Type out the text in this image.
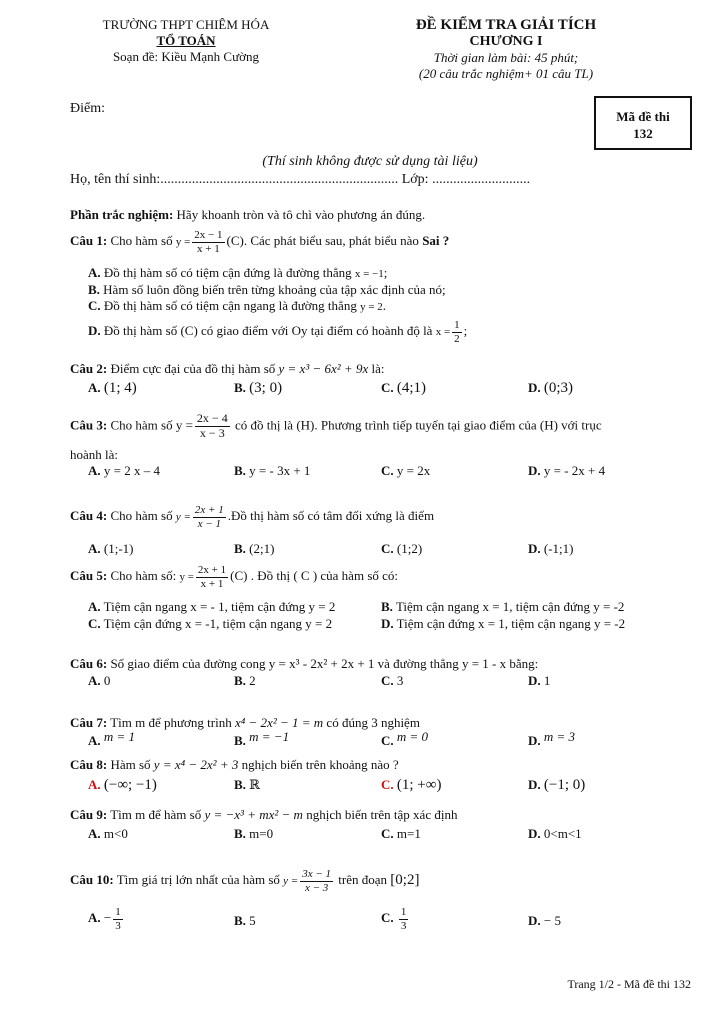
TRƯỜNG THPT CHIÊM HÓA
TỔ TOÁN
Soạn đề: Kiều Mạnh Cường
ĐỀ KIỂM TRA GIẢI TÍCH
CHƯƠNG I
Thời gian làm bài: 45 phút;
(20 câu trắc nghiệm+ 01 câu TL)
Điểm:
Mã đề thi
132
(Thí sinh không được sử dụng tài liệu)
Họ, tên thí sinh:.................................................................... Lớp: ............................
Phần trắc nghiệm: Hãy khoanh tròn và tô chì vào phương án đúng.
Câu 1: Cho hàm số $y = \frac{2x - 1}{x + 1} (C)$. Các phát biểu sau, phát biểu nào Sai ?
A. Đồ thị hàm số có tiệm cận đứng là đường thẳng x = −1;
B. Hàm số luôn đồng biến trên từng khoảng của tập xác định của nó;
C. Đồ thị hàm số có tiệm cận ngang là đường thẳng y = 2.
D. Đồ thị hàm số (C) có giao điểm với Oy tại điểm có hoành độ là $x = \frac{1}{2}$ ;
Câu 2: Điểm cực đại của đồ thị hàm số y = x³ − 6x² + 9x là:
A. (1; 4)	B. (3; 0)	C. (4;1)	D. (0;3)
Câu 3: Cho hàm số $y = \frac{2x - 4}{x - 3}$ có đồ thị là (H). Phương trình tiếp tuyến tại giao điểm của (H) với trục
hoành là:
A. y = 2 x – 4	B. y = - 3x + 1	C. y = 2x	D. y = - 2x + 4
Câu 4: Cho hàm số $y = \frac{2x + 1}{x - 1}$ .Đồ thị hàm số có tâm đối xứng là điểm
A. (1;-1)	B. (2;1)	C. (1;2)	D. (-1;1)
Câu 5: Cho hàm số: $y = \frac{2x + 1}{x + 1} (C)$ . Đồ thị ( C ) của hàm số có:
A. Tiệm cận ngang x = - 1, tiệm cận đứng y = 2	B. Tiệm cận ngang x = 1, tiệm cận đứng y = -2
C. Tiệm cận đứng x = -1, tiệm cận ngang y = 2	D. Tiệm cận đứng x = 1, tiệm cận ngang y = -2
Câu 6: Số giao điểm của đường cong y = x³ - 2x² + 2x + 1 và đường thẳng y = 1 - x bằng:
A. 0	B. 2	C. 3	D. 1
Câu 7: Tìm m để phương trình x⁴ − 2x² − 1 = m có đúng 3 nghiệm
A. m = 1	B. m = −1	C. m = 0	D. m = 3
Câu 8: Hàm số y = x⁴ − 2x² + 3 nghịch biến trên khoảng nào ?
A. (−∞; −1)	B. ℝ	C. (1; +∞)	D. (−1; 0)
Câu 9: Tìm m để hàm số y = −x³ + mx² − m nghịch biến trên tập xác định
A. m<0	B. m=0	C. m=1	D. 0<m<1
Câu 10: Tìm giá trị lớn nhất của hàm số $y = \frac{3x - 1}{x - 3}$ trên đoạn [0;2]
A. − $\frac{1}{3}$	B. 5	C. $\frac{1}{3}$	D. − 5
Trang 1/2 - Mã đề thi 132
